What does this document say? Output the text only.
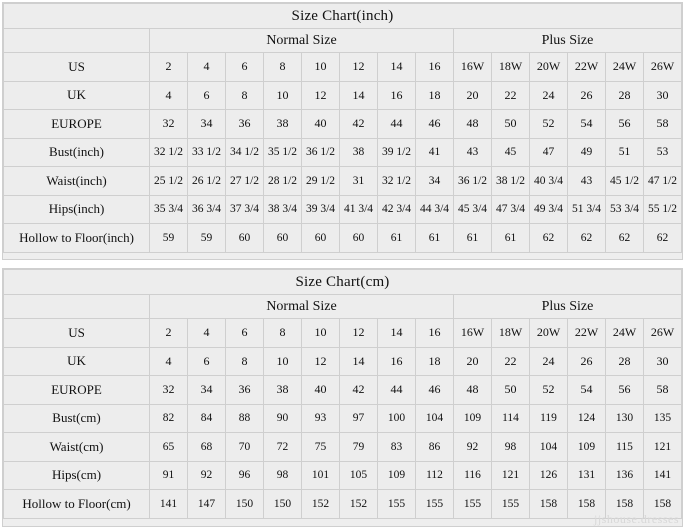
Size Chart(inch)														
	Normal Size								Plus Size					
US	2	4	6	8	10	12	14	16	16W	18W	20W	22W	24W	26W
UK	4	6	8	10	12	14	16	18	20	22	24	26	28	30
EUROPE	32	34	36	38	40	42	44	46	48	50	52	54	56	58
Bust(inch)	32 1/2	33 1/2	34 1/2	35 1/2	36 1/2	38	39 1/2	41	43	45	47	49	51	53
Waist(inch)	25 1/2	26 1/2	27 1/2	28 1/2	29 1/2	31	32 1/2	34	36 1/2	38 1/2	40 3/4	43	45 1/2	47 1/2
Hips(inch)	35 3/4	36 3/4	37 3/4	38 3/4	39 3/4	41 3/4	42 3/4	44 3/4	45 3/4	47 3/4	49 3/4	51 3/4	53 3/4	55 1/2
Hollow to Floor(inch)	59	59	60	60	60	60	61	61	61	61	62	62	62	62
Size Chart(cm)														
	Normal Size								Plus Size					
US	2	4	6	8	10	12	14	16	16W	18W	20W	22W	24W	26W
UK	4	6	8	10	12	14	16	18	20	22	24	26	28	30
EUROPE	32	34	36	38	40	42	44	46	48	50	52	54	56	58
Bust(cm)	82	84	88	90	93	97	100	104	109	114	119	124	130	135
Waist(cm)	65	68	70	72	75	79	83	86	92	98	104	109	115	121
Hips(cm)	91	92	96	98	101	105	109	112	116	121	126	131	136	141
Hollow to Floor(cm)	141	147	150	150	152	152	155	155	155	155	158	158	158	158
jjshouse.dresses
